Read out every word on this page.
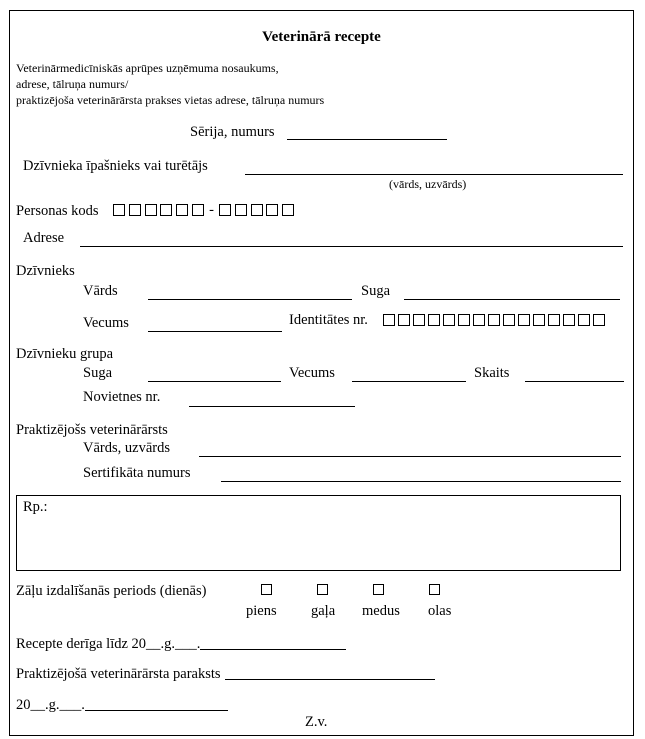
Veterinārā recepte
Veterinārmedicīniskās aprūpes uzņēmuma nosaukums,
adrese, tālruņa numurs/
praktizējoša veterinārārsta prakses vietas adrese, tālruņa numurs
Sērija, numurs
Dzīvnieka īpašnieks vai turētājs
(vārds, uzvārds)
Personas kods	-
Adrese
Dzīvnieks
Vārds	Suga
Vecums	Identitātes nr.
Dzīvnieku grupa
Suga	Vecums	Skaits
Novietnes nr.
Praktizējošs veterinārārsts
Vārds, uzvārds
Sertifikāta numurs
Rp.:
Zāļu izdalīšanās periods (dienās)
piens gaļa medus olas
Recepte derīga līdz 20__.g.___.
Praktizējošā veterinārārsta paraksts
20__.g.___.
Z.v.
